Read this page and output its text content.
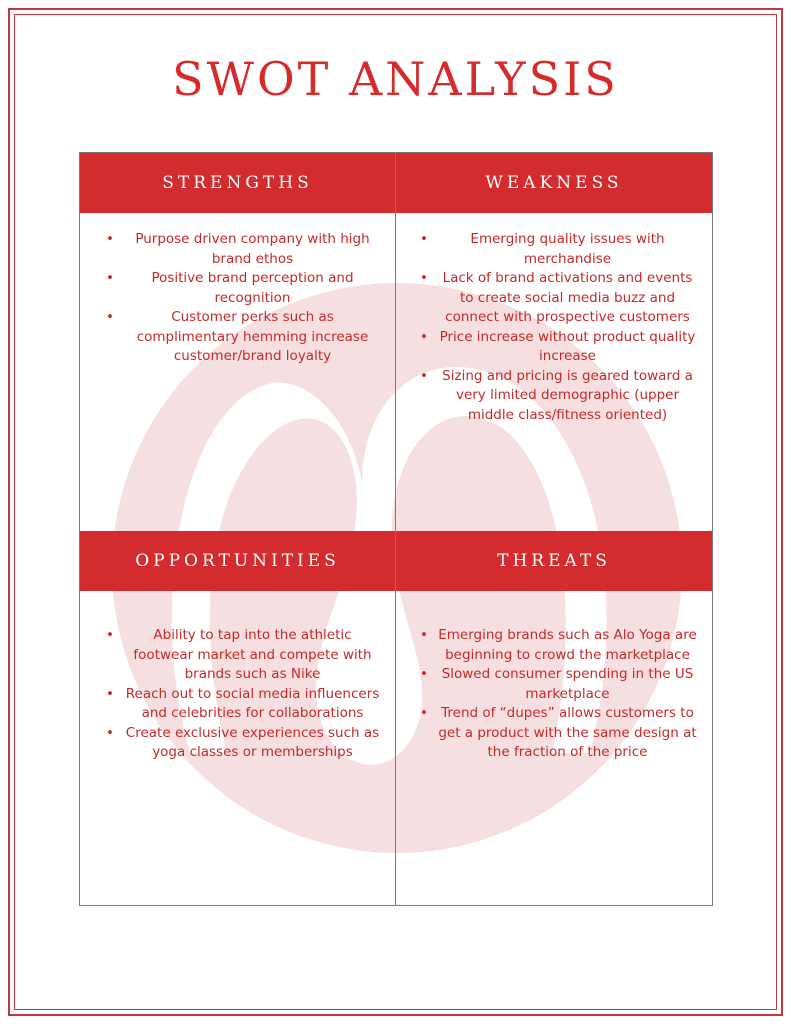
SWOT ANALYSIS
STRENGTHS
•	Purpose driven company with high brand ethos
•	Positive brand perception and recognition
•	Customer perks such as complimentary hemming increase customer/brand loyalty
WEAKNESS
•	Emerging quality issues with merchandise
•	Lack of brand activations and events to create social media buzz and connect with prospective customers
• Price increase without product quality increase
•	Sizing and pricing is geared toward a very limited demographic (upper middle class/fitness oriented)
OPPORTUNITIES
•	Ability to tap into the athletic footwear market and compete with brands such as Nike
• Reach out to social media influencers and celebrities for collaborations
• Create exclusive experiences such as yoga classes or memberships
THREATS
• Emerging brands such as Alo Yoga are beginning to crowd the marketplace
•	Slowed consumer spending in the US marketplace
• Trend of “dupes” allows customers to get a product with the same design at the fraction of the price
